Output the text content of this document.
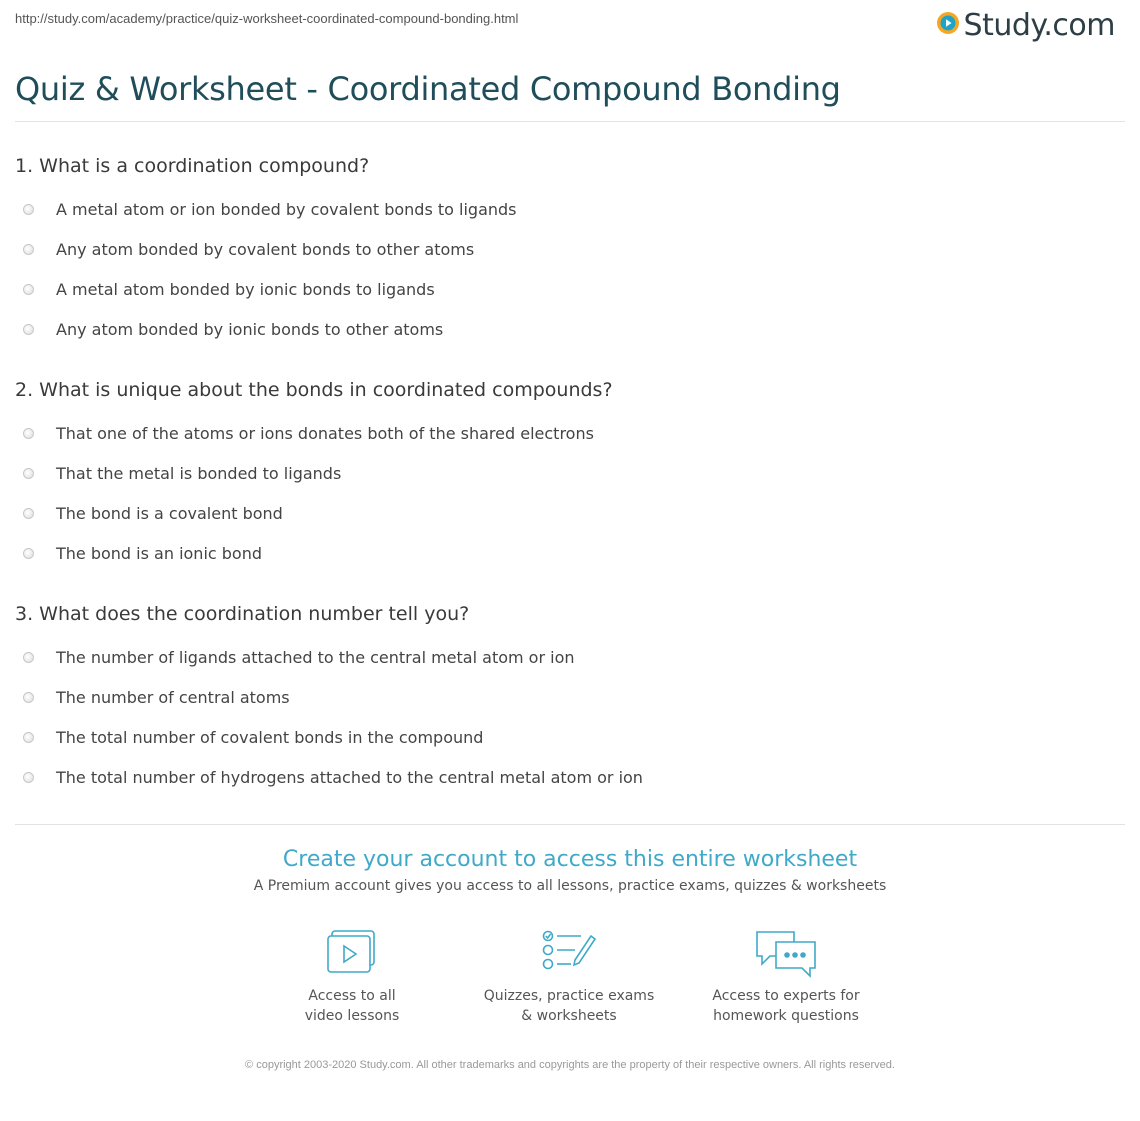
http://study.com/academy/practice/quiz-worksheet-coordinated-compound-bonding.html	Study.com
Quiz & Worksheet - Coordinated Compound Bonding

1. What is a coordination compound?

A metal atom or ion bonded by covalent bonds to ligands
Any atom bonded by covalent bonds to other atoms
A metal atom bonded by ionic bonds to ligands
Any atom bonded by ionic bonds to other atoms

2. What is unique about the bonds in coordinated compounds?

That one of the atoms or ions donates both of the shared electrons
That the metal is bonded to ligands
The bond is a covalent bond
The bond is an ionic bond

3. What does the coordination number tell you?

The number of ligands attached to the central metal atom or ion
The number of central atoms
The total number of covalent bonds in the compound
The total number of hydrogens attached to the central metal atom or ion
Create your account to access this entire worksheet
A Premium account gives you access to all lessons, practice exams, quizzes & worksheets
Access to all
video lessons
Quizzes, practice exams
& worksheets
Access to experts for
homework questions
© copyright 2003-2020 Study.com. All other trademarks and copyrights are the property of their respective owners. All rights reserved.
